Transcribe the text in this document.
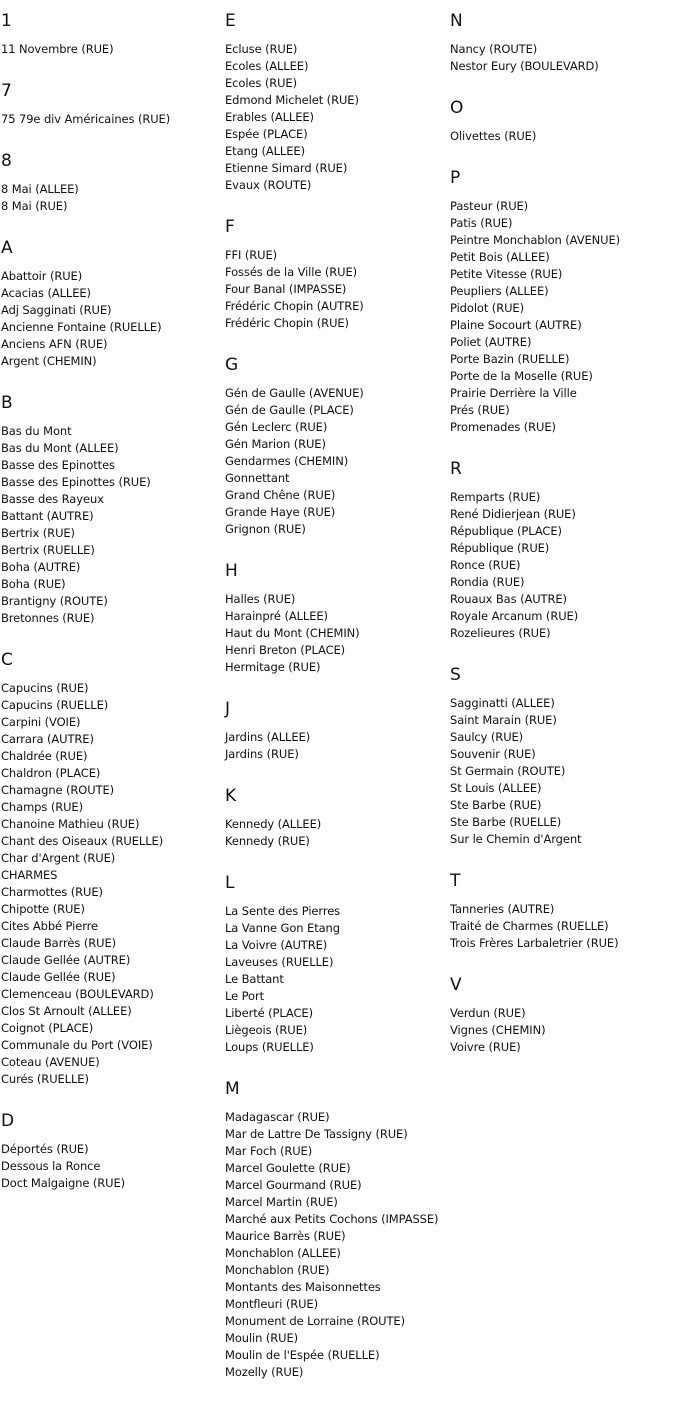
1
11 Novembre (RUE)
7
75 79e div Américaines (RUE)
8
8 Mai (ALLEE)
8 Mai (RUE)
A
Abattoir (RUE)
Acacias (ALLEE)
Adj Sagginati (RUE)
Ancienne Fontaine (RUELLE)
Anciens AFN (RUE)
Argent (CHEMIN)
B
Bas du Mont
Bas du Mont (ALLEE)
Basse des Epinottes
Basse des Epinottes (RUE)
Basse des Rayeux
Battant (AUTRE)
Bertrix (RUE)
Bertrix (RUELLE)
Boha (AUTRE)
Boha (RUE)
Brantigny (ROUTE)
Bretonnes (RUE)
C
Capucins (RUE)
Capucins (RUELLE)
Carpini (VOIE)
Carrara (AUTRE)
Chaldrée (RUE)
Chaldron (PLACE)
Chamagne (ROUTE)
Champs (RUE)
Chanoine Mathieu (RUE)
Chant des Oiseaux (RUELLE)
Char d'Argent (RUE)
CHARMES
Charmottes (RUE)
Chipotte (RUE)
Cites Abbé Pierre
Claude Barrès (RUE)
Claude Gellée (AUTRE)
Claude Gellée (RUE)
Clemenceau (BOULEVARD)
Clos St Arnoult (ALLEE)
Coignot (PLACE)
Communale du Port (VOIE)
Coteau (AVENUE)
Curés (RUELLE)
D
Déportés (RUE)
Dessous la Ronce
Doct Malgaigne (RUE)
E
Ecluse (RUE)
Ecoles (ALLEE)
Ecoles (RUE)
Edmond Michelet (RUE)
Erables (ALLEE)
Espée (PLACE)
Etang (ALLEE)
Etienne Simard (RUE)
Evaux (ROUTE)
F
FFI (RUE)
Fossés de la Ville (RUE)
Four Banal (IMPASSE)
Frédéric Chopin (AUTRE)
Frédéric Chopin (RUE)
G
Gén de Gaulle (AVENUE)
Gén de Gaulle (PLACE)
Gén Leclerc (RUE)
Gén Marion (RUE)
Gendarmes (CHEMIN)
Gonnettant
Grand Chêne (RUE)
Grande Haye (RUE)
Grignon (RUE)
H
Halles (RUE)
Harainpré (ALLEE)
Haut du Mont (CHEMIN)
Henri Breton (PLACE)
Hermitage (RUE)
J
Jardins (ALLEE)
Jardins (RUE)
K
Kennedy (ALLEE)
Kennedy (RUE)
L
La Sente des Pierres
La Vanne Gon Etang
La Voivre (AUTRE)
Laveuses (RUELLE)
Le Battant
Le Port
Liberté (PLACE)
Liègeois (RUE)
Loups (RUELLE)
M
Madagascar (RUE)
Mar de Lattre De Tassigny (RUE)
Mar Foch (RUE)
Marcel Goulette (RUE)
Marcel Gourmand (RUE)
Marcel Martin (RUE)
Marché aux Petits Cochons (IMPASSE)
Maurice Barrès (RUE)
Monchablon (ALLEE)
Monchablon (RUE)
Montants des Maisonnettes
Montfleuri (RUE)
Monument de Lorraine (ROUTE)
Moulin (RUE)
Moulin de l'Espée (RUELLE)
Mozelly (RUE)
N
Nancy (ROUTE)
Nestor Eury (BOULEVARD)
O
Olivettes (RUE)
P
Pasteur (RUE)
Patis (RUE)
Peintre Monchablon (AVENUE)
Petit Bois (ALLEE)
Petite Vitesse (RUE)
Peupliers (ALLEE)
Pidolot (RUE)
Plaine Socourt (AUTRE)
Poliet (AUTRE)
Porte Bazin (RUELLE)
Porte de la Moselle (RUE)
Prairie Derrière la Ville
Prés (RUE)
Promenades (RUE)
R
Remparts (RUE)
René Didierjean (RUE)
République (PLACE)
République (RUE)
Ronce (RUE)
Rondia (RUE)
Rouaux Bas (AUTRE)
Royale Arcanum (RUE)
Rozelieures (RUE)
S
Sagginatti (ALLEE)
Saint Marain (RUE)
Saulcy (RUE)
Souvenir (RUE)
St Germain (ROUTE)
St Louis (ALLEE)
Ste Barbe (RUE)
Ste Barbe (RUELLE)
Sur le Chemin d'Argent
T
Tanneries (AUTRE)
Traité de Charmes (RUELLE)
Trois Frères Larbaletrier (RUE)
V
Verdun (RUE)
Vignes (CHEMIN)
Voivre (RUE)
